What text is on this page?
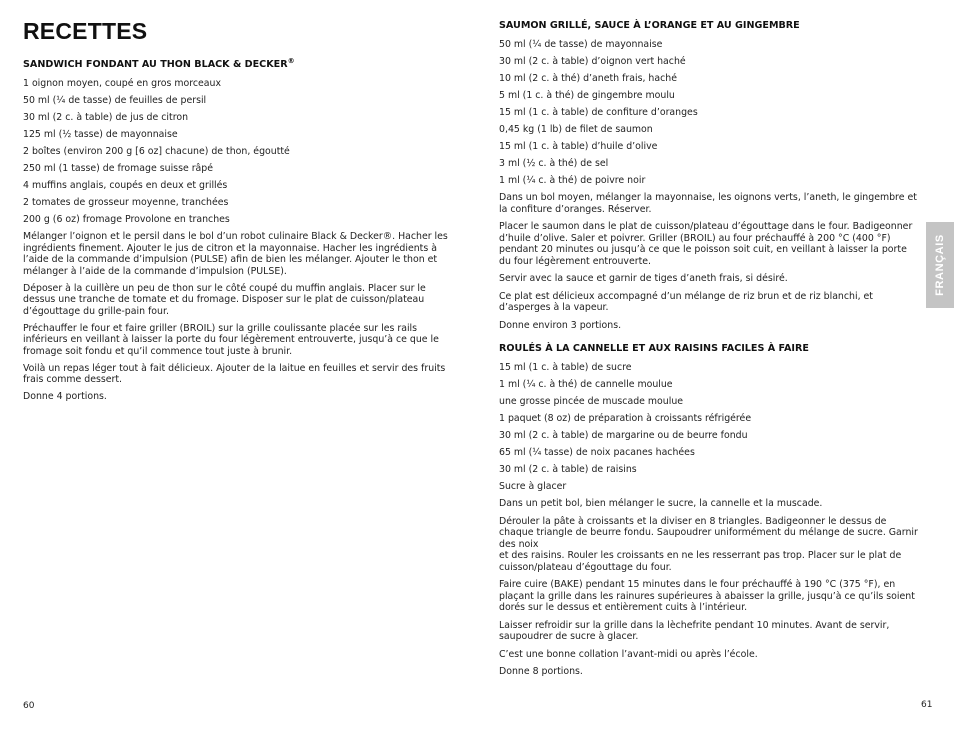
RECETTES
SANDWICH FONDANT AU THON BLACK & DECKER®
1 oignon moyen, coupé en gros morceaux
50 ml (¼ de tasse) de feuilles de persil
30 ml (2 c. à table) de jus de citron
125 ml (½ tasse) de mayonnaise
2 boîtes (environ 200 g [6 oz] chacune) de thon, égoutté
250 ml (1 tasse) de fromage suisse râpé
4 muffins anglais, coupés en deux et grillés
2 tomates de grosseur moyenne, tranchées
200 g (6 oz) fromage Provolone en tranches
Mélanger l’oignon et le persil dans le bol d’un robot culinaire Black & Decker®. Hacher les ingrédients finement. Ajouter le jus de citron et la mayonnaise. Hacher les ingrédients à l’aide de la commande d’impulsion (PULSE) afin de bien les mélanger. Ajouter le thon et mélanger à l’aide de la commande d’impulsion (PULSE).
Déposer à la cuillère un peu de thon sur le côté coupé du muffin anglais. Placer sur le dessus une tranche de tomate et du fromage. Disposer sur le plat de cuisson/plateau d’égouttage du grille-pain four.
Préchauffer le four et faire griller (BROIL) sur la grille coulissante placée sur les rails inférieurs en veillant à laisser la porte du four légèrement entrouverte, jusqu’à ce que le fromage soit fondu et qu’il commence tout juste à brunir.
Voilà un repas léger tout à fait délicieux. Ajouter de la laitue en feuilles et servir des fruits frais comme dessert.
Donne 4 portions.
60
SAUMON GRILLÉ, SAUCE À L’ORANGE ET AU GINGEMBRE
50 ml (¼ de tasse) de mayonnaise
30 ml (2 c. à table) d’oignon vert haché
10 ml (2 c. à thé) d’aneth frais, haché
5 ml (1 c. à thé) de gingembre moulu
15 ml (1 c. à table) de confiture d’oranges
0,45 kg (1 lb) de filet de saumon
15 ml (1 c. à table) d’huile d’olive
3 ml (½ c. à thé) de sel
1 ml (¼ c. à thé) de poivre noir
Dans un bol moyen, mélanger la mayonnaise, les oignons verts, l’aneth, le gingembre et la confiture d’oranges. Réserver.
Placer le saumon dans le plat de cuisson/plateau d’égouttage dans le four. Badigeonner d’huile d’olive. Saler et poivrer. Griller (BROIL) au four préchauffé à 200 °C (400 °F) pendant 20 minutes ou jusqu’à ce que le poisson soit cuit, en veillant à laisser la porte du four légèrement entrouverte.
Servir avec la sauce et garnir de tiges d’aneth frais, si désiré.
Ce plat est délicieux accompagné d’un mélange de riz brun et de riz blanchi, et d’asperges à la vapeur.
Donne environ 3 portions.
ROULÉS À LA CANNELLE ET AUX RAISINS FACILES À FAIRE
15 ml (1 c. à table) de sucre
1 ml (¼ c. à thé) de cannelle moulue
une grosse pincée de muscade moulue
1 paquet (8 oz) de préparation à croissants réfrigérée
30 ml (2 c. à table) de margarine ou de beurre fondu
65 ml (¼ tasse) de noix pacanes hachées
30 ml (2 c. à table) de raisins
Sucre à glacer
Dans un petit bol, bien mélanger le sucre, la cannelle et la muscade.
Dérouler la pâte à croissants et la diviser en 8 triangles. Badigeonner le dessus de chaque triangle de beurre fondu. Saupoudrer uniformément du mélange de sucre. Garnir des noix
et des raisins. Rouler les croissants en ne les resserrant pas trop. Placer sur le plat de cuisson/plateau d’égouttage du four.
Faire cuire (BAKE) pendant 15 minutes dans le four préchauffé à 190 °C (375 °F), en plaçant la grille dans les rainures supérieures à abaisser la grille, jusqu’à ce qu’ils soient dorés sur le dessus et entièrement cuits à l’intérieur.
Laisser refroidir sur la grille dans la lèchefrite pendant 10 minutes. Avant de servir, saupoudrer de sucre à glacer.
C’est une bonne collation l’avant-midi ou après l’école.
Donne 8 portions.
FRANÇAIS
61
